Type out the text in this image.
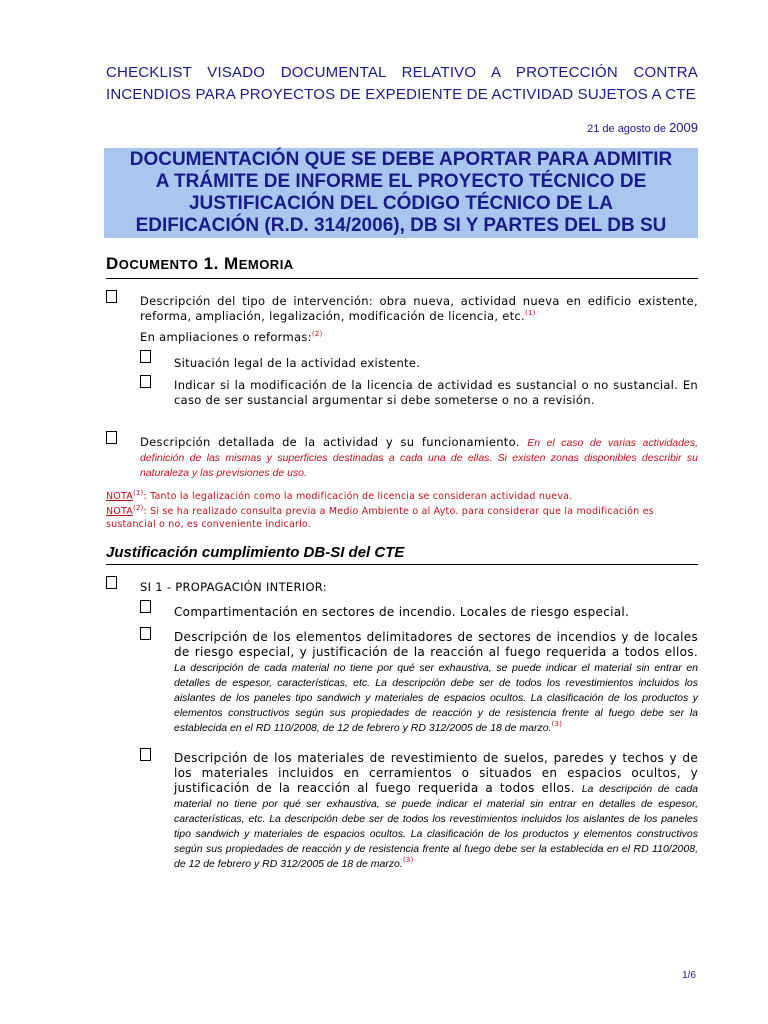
CHECKLIST VISADO DOCUMENTAL RELATIVO A PROTECCIÓN CONTRA
INCENDIOS PARA PROYECTOS DE EXPEDIENTE DE ACTIVIDAD SUJETOS A CTE
21 de agosto de 2009
DOCUMENTACIÓN QUE SE DEBE APORTAR PARA ADMITIR
A TRÁMITE DE INFORME EL PROYECTO TÉCNICO DE
JUSTIFICACIÓN DEL CÓDIGO TÉCNICO DE LA
EDIFICACIÓN (R.D. 314/2006), DB SI Y PARTES DEL DB SU
DOCUMENTO 1. MEMORIA
Descripción del tipo de intervención: obra nueva, actividad nueva en edificio existente, reforma, ampliación, legalización, modificación de licencia, etc.$^{(1)}$
En ampliaciones o reformas:$^{(2)}$
Situación legal de la actividad existente.
Indicar si la modificación de la licencia de actividad es sustancial o no sustancial. En caso de ser sustancial argumentar si debe someterse o no a revisión.
Descripción detallada de la actividad y su funcionamiento. En el caso de varias actividades, definición de las mismas y superficies destinadas a cada una de ellas. Si existen zonas disponibles describir su naturaleza y las previsiones de uso.
NOTA$^{(1)}$: Tanto la legalización como la modificación de licencia se consideran actividad nueva.
NOTA$^{(2)}$: Si se ha realizado consulta previa a Medio Ambiente o al Ayto. para considerar que la modificación es sustancial o no, es conveniente indicarlo.
Justificación cumplimiento DB-SI del CTE
SI 1 - PROPAGACIÓN INTERIOR:
Compartimentación en sectores de incendio. Locales de riesgo especial.
Descripción de los elementos delimitadores de sectores de incendios y de locales de riesgo especial, y justificación de la reacción al fuego requerida a todos ellos. La descripción de cada material no tiene por qué ser exhaustiva, se puede indicar el material sin entrar en detalles de espesor, características, etc. La descripción debe ser de todos los revestimientos incluidos los aislantes de los paneles tipo sandwich y materiales de espacios ocultos. La clasificación de los productos y elementos constructivos según sus propiedades de reacción y de resistencia frente al fuego debe ser la establecida en el RD 110/2008, de 12 de febrero y RD 312/2005 de 18 de marzo.$^{(3)}$
Descripción de los materiales de revestimiento de suelos, paredes y techos y de los materiales incluidos en cerramientos o situados en espacios ocultos, y justificación de la reacción al fuego requerida a todos ellos. La descripción de cada material no tiene por qué ser exhaustiva, se puede indicar el material sin entrar en detalles de espesor, características, etc. La descripción debe ser de todos los revestimientos incluidos los aislantes de los paneles tipo sandwich y materiales de espacios ocultos. La clasificación de los productos y elementos constructivos según sus propiedades de reacción y de resistencia frente al fuego debe ser la establecida en el RD 110/2008, de 12 de febrero y RD 312/2005 de 18 de marzo.$^{(3)}$
1/6
